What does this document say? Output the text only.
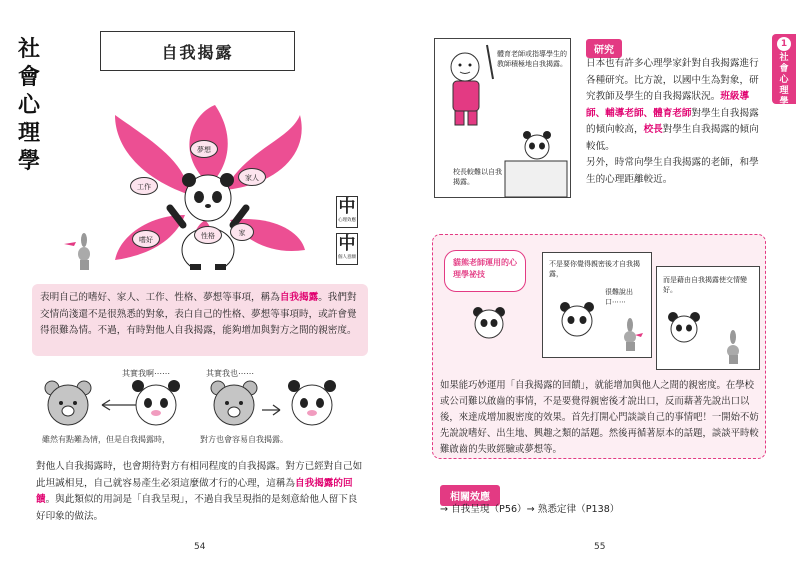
社會心理學
自我揭露
夢想
家人
工作
性格	家
嗜好
中
心理效應
中
個人意願
表明自己的嗜好、家人、工作、性格、夢想等事項，稱為自我揭露。我們對交情尚淺還不是很熟悉的對象，表白自己的性格、夢想等事項時，或許會覺得很難為情。不過，有時對他人自我揭露，能夠增加與對方之間的親密度。
其實我啊⋯⋯	其實我也⋯⋯
雖然有點難為情，但是自我揭露時，	對方也會容易自我揭露。
對他人自我揭露時，也會期待對方有相同程度的自我揭露。對方已經對自己如此坦誠相見，自己就容易產生必須這麼做才行的心理，這稱為自我揭露的回饋。與此類似的用詞是「自我呈現」，不過自我呈現指的是刻意給他人留下良好印象的做法。
54
1
社會心理學
體育老師或指導學生的教師積極地自我揭露。
校長較難以自我揭露。
研究
日本也有許多心理學家針對自我揭露進行各種研究。比方說，以國中生為對象，研究教師及學生的自我揭露狀況。班級導師、輔導老師、體育老師對學生自我揭露的傾向較高，校長對學生自我揭露的傾向較低。
另外，時常向學生自我揭露的老師，和學生的心理距離較近。
貓熊老師運用的心理學祕技
不是要你覺得親密後才自我揭露，
很難說出口⋯⋯
而是藉由自我揭露使交情變好。
如果能巧妙運用「自我揭露的回饋」，就能增加與他人之間的親密度。在學校或公司難以啟齒的事情，不是要覺得親密後才說出口，反而藉著先說出口以後，來達成增加親密度的效果。首先打開心門談談自己的事情吧！一開始不妨先說說嗜好、出生地、興趣之類的話題。然後再循著原本的話題，談談平時較難啟齒的失敗經驗或夢想等。
相關效應
→ 自我呈現（P56）→ 熟悉定律（P138）
55
